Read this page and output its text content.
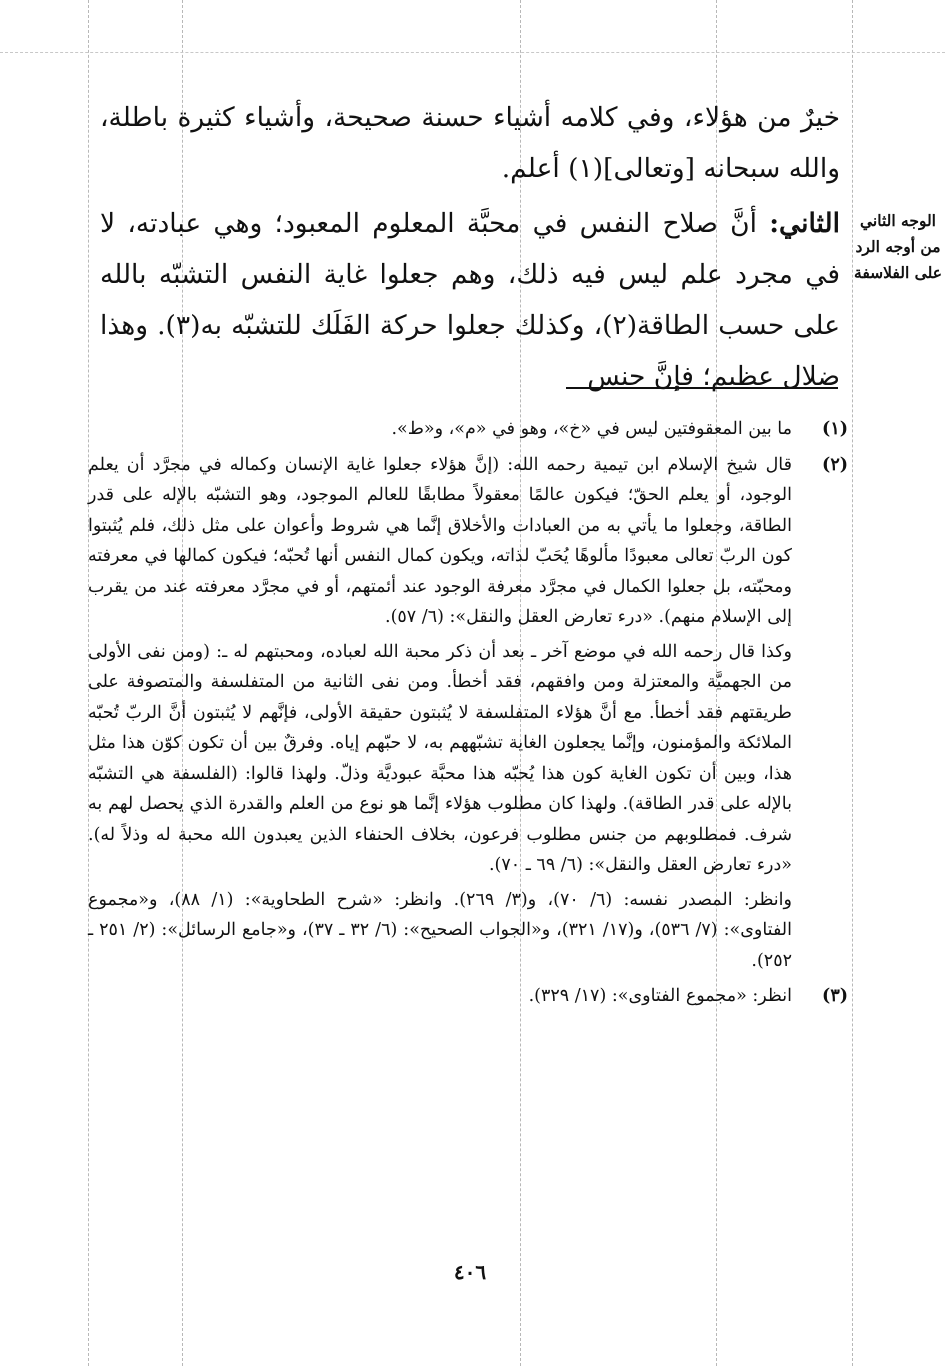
خيرٌ من هؤلاء، وفي كلامه أشياء حسنة صحيحة، وأشياء كثيرة باطلة، والله سبحانه [وتعالى](١) أعلم.

الثاني: أنَّ صلاح النفس في محبَّة المعلوم المعبود؛ وهي عبادته، لا في مجرد علم ليس فيه ذلك، وهم جعلوا غاية النفس التشبّه بالله على حسب الطاقة(٢)، وكذلك جعلوا حركة الفَلَك للتشبّه به(٣). وهذا ضلال عظيم؛ فإنَّ جنس

الوجه الثاني من أوجه الرد على الفلاسفة
(١)

ما بين المعقوفتين ليس في «خ»، وهو في «م»، و«ط».

(٢)

قال شيخ الإسلام ابن تيمية رحمه الله: (إنَّ هؤلاء جعلوا غاية الإنسان وكماله في مجرَّد أن يعلم الوجود، أو يعلم الحقّ؛ فيكون عالمًا معقولاً مطابقًا للعالم الموجود، وهو التشبّه بالإله على قدر الطاقة، وجعلوا ما يأتي به من العبادات والأخلاق إنَّما هي شروط وأعوان على مثل ذلك، فلم يُثبتوا كون الربّ تعالى معبودًا مألوهًا يُحَبّ لذاته، ويكون كمال النفس أنها تُحبّه؛ فيكون كمالها في معرفته ومحبّته، بل جعلوا الكمال في مجرَّد معرفة الوجود عند أئمتهم، أو في مجرَّد معرفته عند من يقرب إلى الإسلام منهم). «درء تعارض العقل والنقل»: (٦/ ٥٧).

وكذا قال رحمه الله في موضع آخر ـ بعد أن ذكر محبة الله لعباده، ومحبتهم له ـ: (ومن نفى الأولى من الجهميَّة والمعتزلة ومن وافقهم، فقد أخطأ. ومن نفى الثانية من المتفلسفة والمتصوفة على طريقتهم فقد أخطأ. مع أنَّ هؤلاء المتفلسفة لا يُثبتون حقيقة الأولى، فإنَّهم لا يُثبتون أنَّ الربّ تُحبّه الملائكة والمؤمنون، وإنَّما يجعلون الغاية تشبّههم به، لا حبّهم إياه. وفرقٌ بين أن تكون كوّن هذا مثل هذا، وبين أن تكون الغاية كون هذا يُحبّه هذا محبَّة عبوديَّة وذلّ. ولهذا قالوا: (الفلسفة هي التشبّه بالإله على قدر الطاقة). ولهذا كان مطلوب هؤلاء إنَّما هو نوع من العلم والقدرة الذي يحصل لهم به شرف. فمطلوبهم من جنس مطلوب فرعون، بخلاف الحنفاء الذين يعبدون الله محبة له وذلاً له). «درء تعارض العقل والنقل»: (٦/ ٦٩ ـ ٧٠).

وانظر: المصدر نفسه: (٦/ ٧٠)، و(٣/ ٢٦٩). وانظر: «شرح الطحاوية»: (١/ ٨٨)، و«مجموع الفتاوى»: (٧/ ٥٣٦)، و(١٧/ ٣٢١)، و«الجواب الصحيح»: (٦/ ٣٢ ـ ٣٧)، و«جامع الرسائل»: (٢/ ٢٥١ ـ ٢٥٢).

(٣)

انظر: «مجموع الفتاوى»: (١٧/ ٣٢٩).

٤٠٦
